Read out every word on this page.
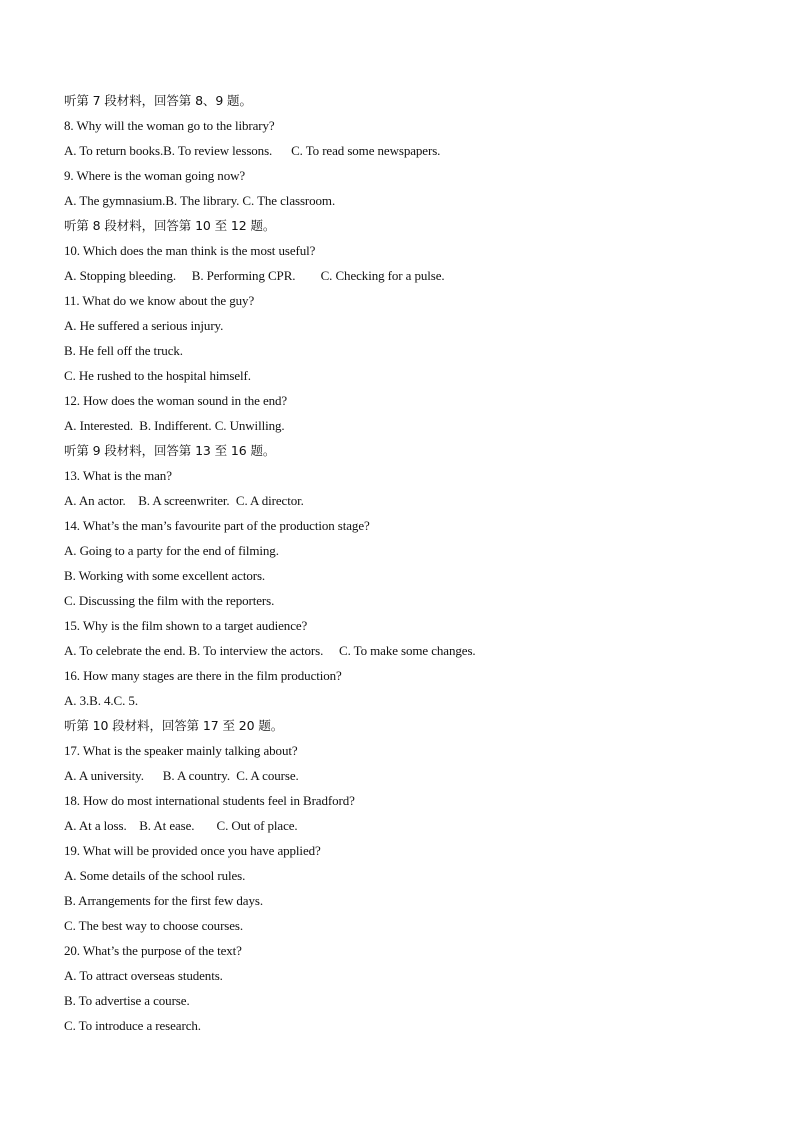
听第 7 段材料，回答第 8、9 题。
8. Why will the woman go to the library?
A. To return books.B. To review lessons.      C. To read some newspapers.
9. Where is the woman going now?
A. The gymnasium.B. The library. C. The classroom.
听第 8 段材料，回答第 10 至 12 题。
10. Which does the man think is the most useful?
A. Stopping bleeding.     B. Performing CPR.        C. Checking for a pulse.
11. What do we know about the guy?
A. He suffered a serious injury.
B. He fell off the truck.
C. He rushed to the hospital himself.
12. How does the woman sound in the end?
A. Interested.  B. Indifferent. C. Unwilling.
听第 9 段材料，回答第 13 至 16 题。
13. What is the man?
A. An actor.    B. A screenwriter.  C. A director.
14. What’s the man’s favourite part of the production stage?
A. Going to a party for the end of filming.
B. Working with some excellent actors.
C. Discussing the film with the reporters.
15. Why is the film shown to a target audience?
A. To celebrate the end. B. To interview the actors.     C. To make some changes.
16. How many stages are there in the film production?
A. 3.B. 4.C. 5.
听第 10 段材料，回答第 17 至 20 题。
17. What is the speaker mainly talking about?
A. A university.      B. A country.  C. A course.
18. How do most international students feel in Bradford?
A. At a loss.    B. At ease.       C. Out of place.
19. What will be provided once you have applied?
A. Some details of the school rules.
B. Arrangements for the first few days.
C. The best way to choose courses.
20. What’s the purpose of the text?
A. To attract overseas students.
B. To advertise a course.
C. To introduce a research.
